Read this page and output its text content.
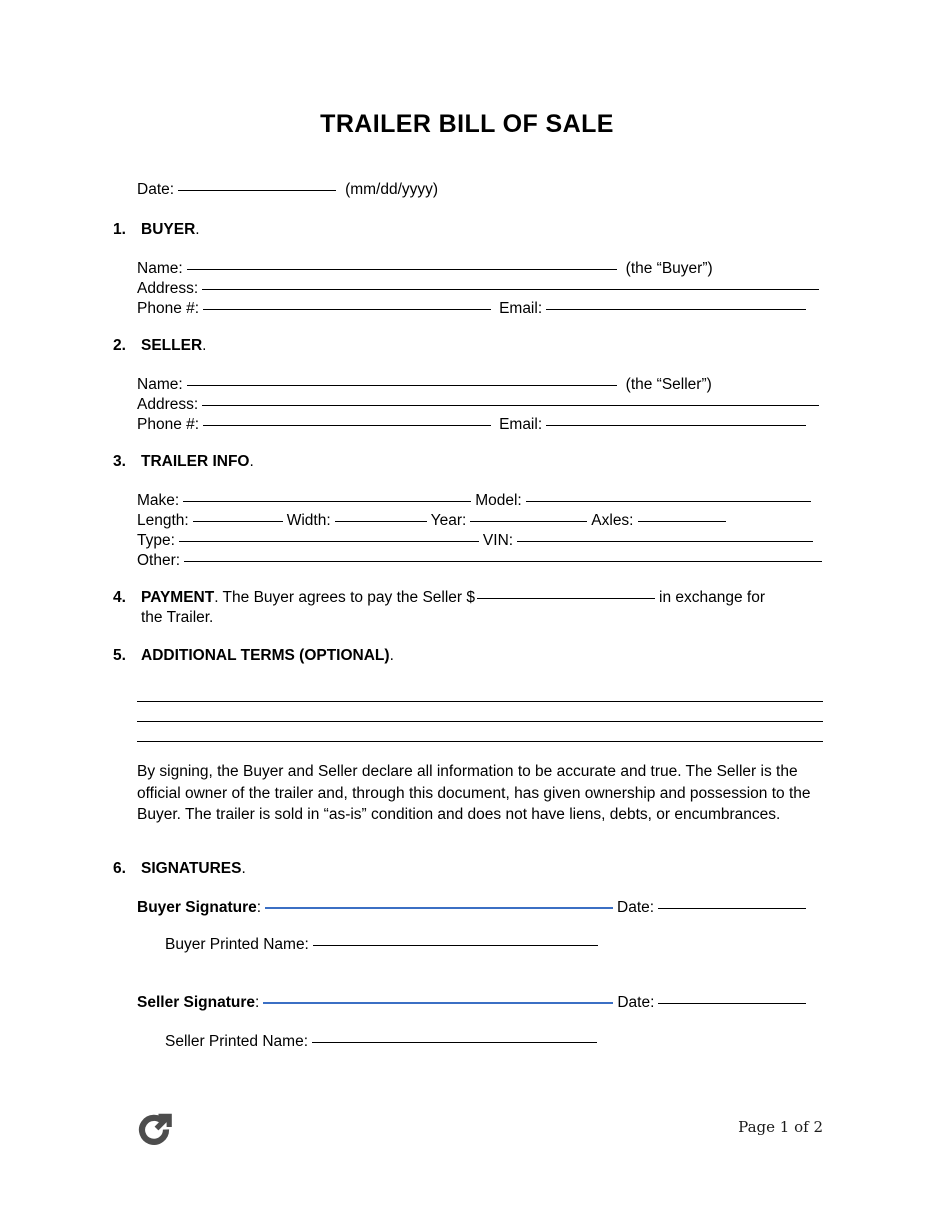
TRAILER BILL OF SALE
Date:	(mm/dd/yyyy)
1. BUYER.
Name:	(the “Buyer”)
Address:
Phone #:	Email:
2. SELLER.
Name:	(the “Seller”)
Address:
Phone #:	Email:
3. TRAILER INFO.
Make:	Model:
Length:	Width:	Year:	Axles:
Type:	VIN:
Other:
4. PAYMENT . The Buyer agrees to pay the Seller $	in exchange for
the Trailer.
5. ADDITIONAL TERMS (OPTIONAL).
By signing, the Buyer and Seller declare all information to be accurate and true. The Seller is the official owner of the trailer and, through this document, has given ownership and possession to the Buyer. The trailer is sold in “as-is” condition and does not have liens, debts, or encumbrances.
6. SIGNATURES.
Buyer Signature :	Date:
Buyer Printed Name:
Seller Signature :	Date:
Seller Printed Name:
Page 1 of 2
